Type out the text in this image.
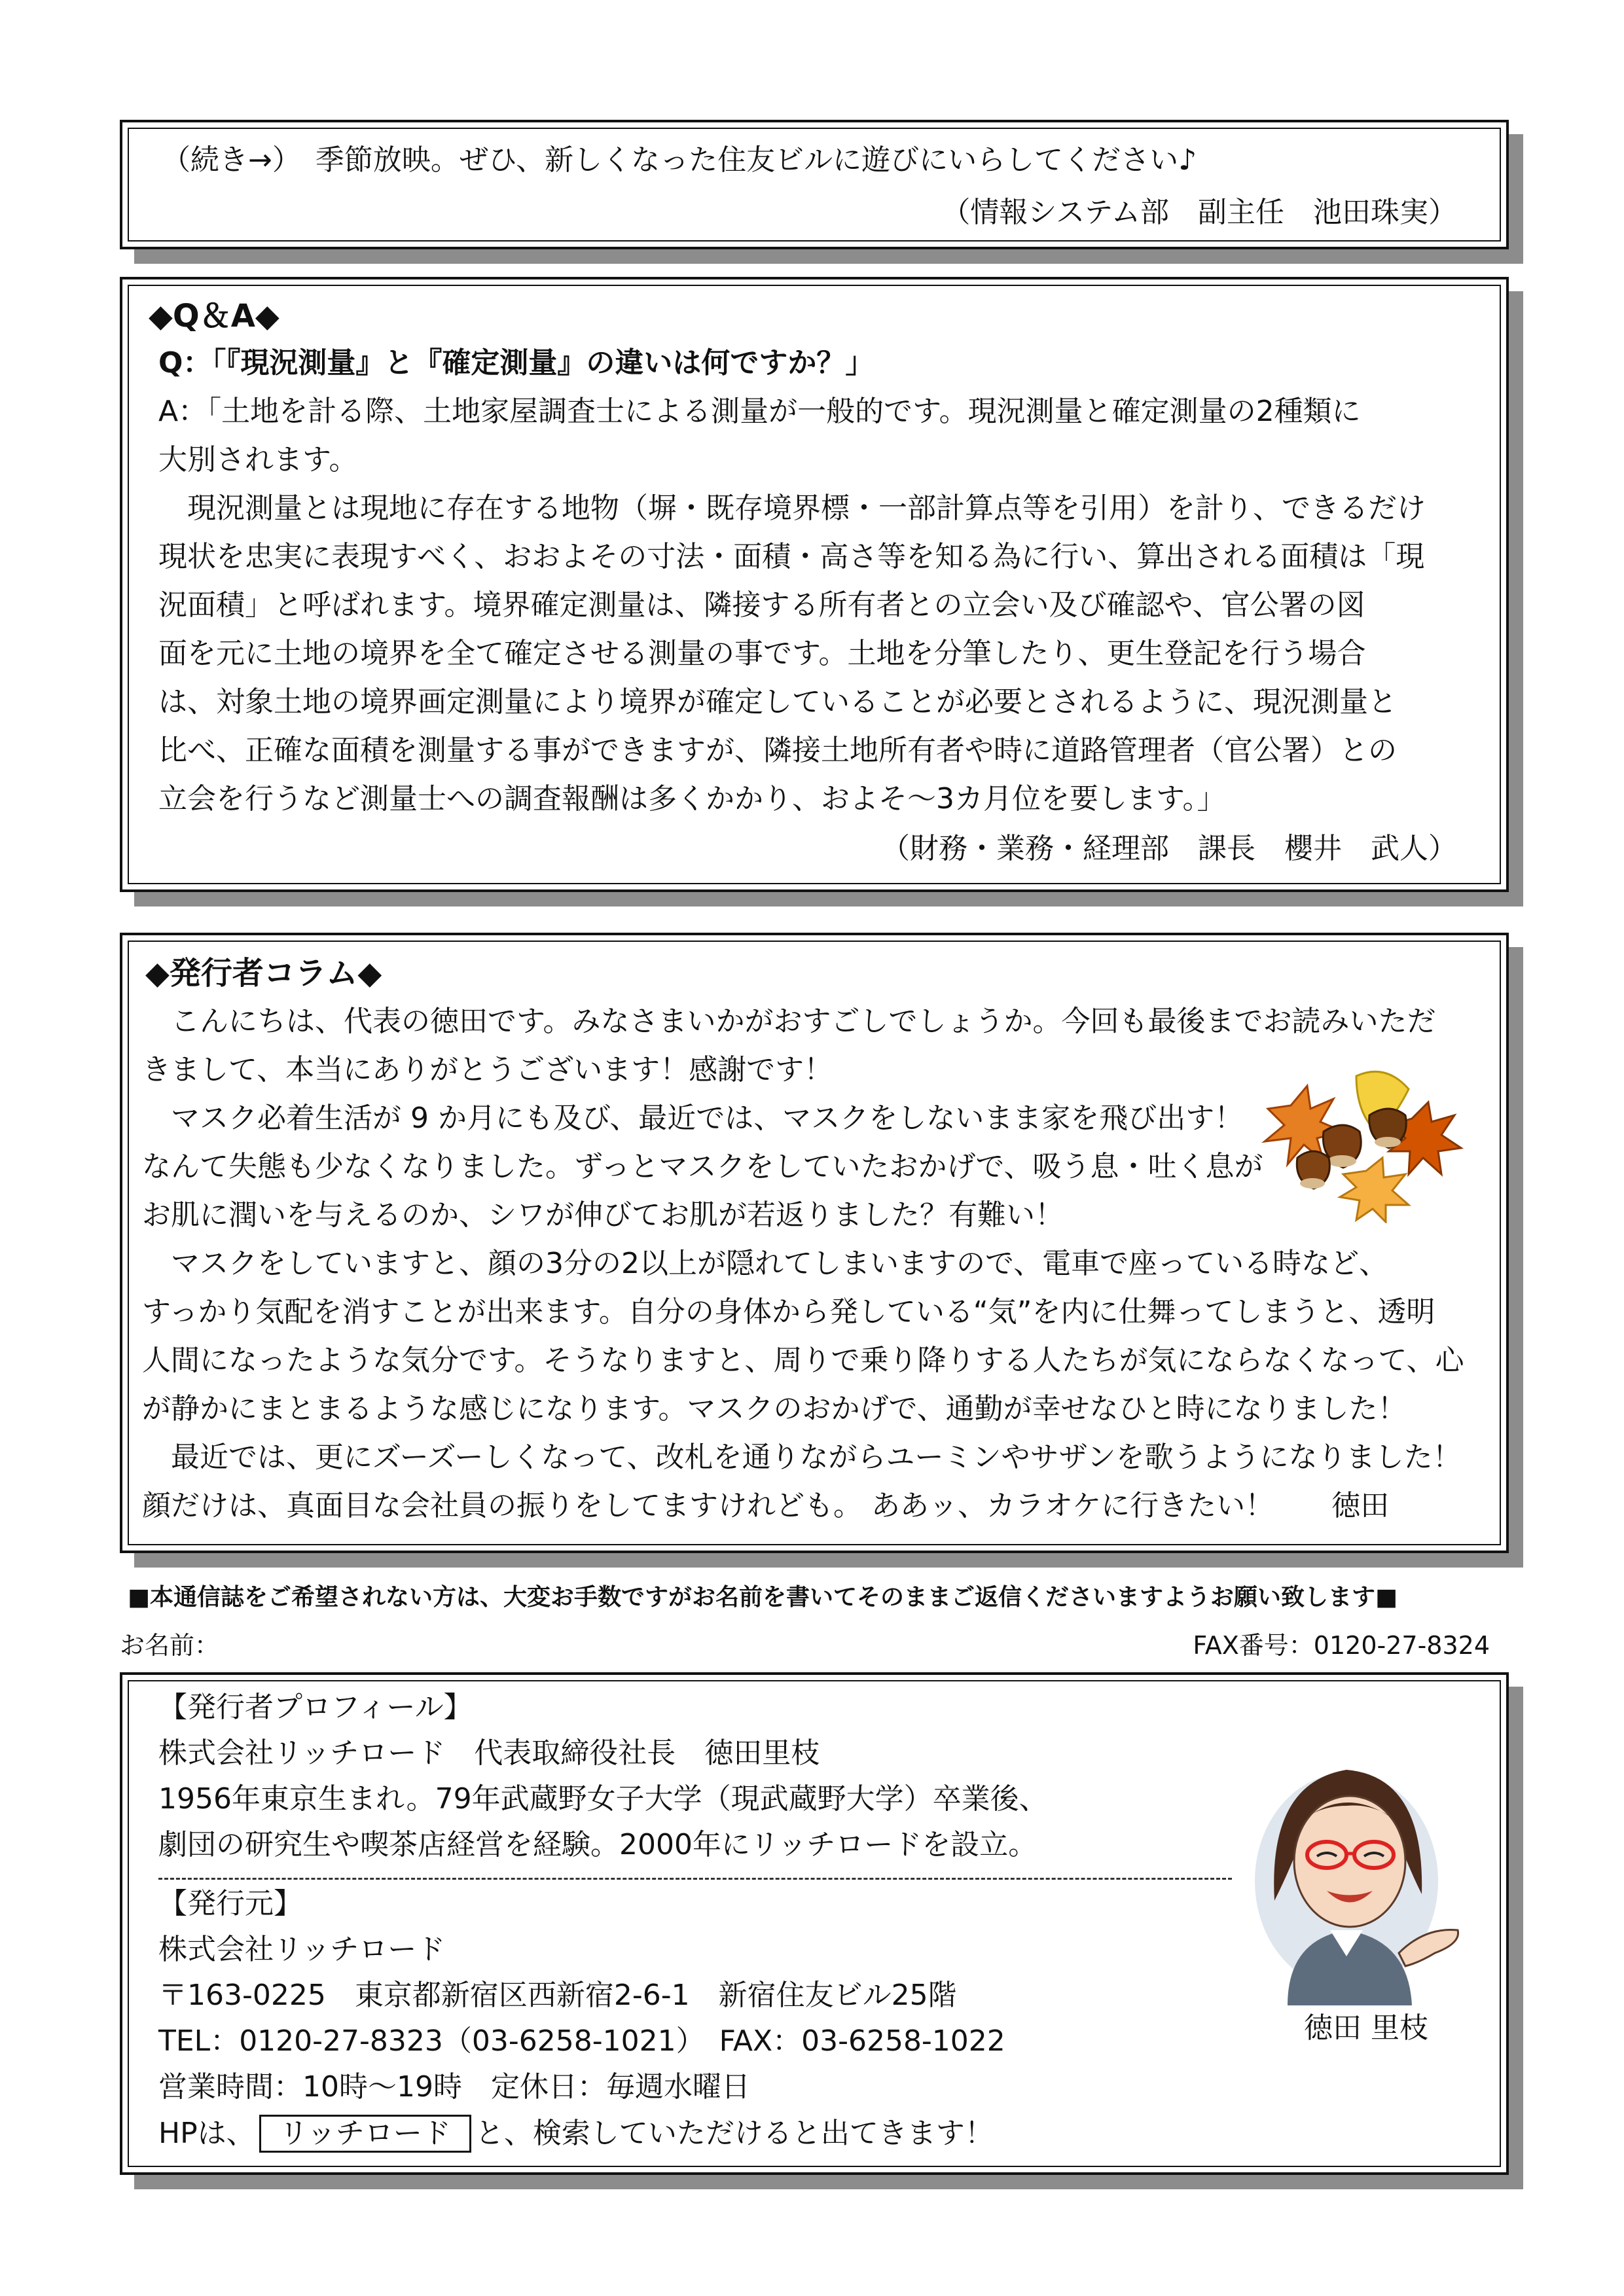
（続き→）　季節放映。ぜひ、新しくなった住友ビルに遊びにいらしてください♪
（情報システム部　副主任　池田珠実）
◆Q＆A◆
Q：「『現況測量』と『確定測量』の違いは何ですか？」
A：「土地を計る際、土地家屋調査士による測量が一般的です。現況測量と確定測量の2種類に
大別されます。
　現況測量とは現地に存在する地物（塀・既存境界標・一部計算点等を引用）を計り、できるだけ
現状を忠実に表現すべく、おおよその寸法・面積・高さ等を知る為に行い、算出される面積は「現
況面積」と呼ばれます。境界確定測量は、隣接する所有者との立会い及び確認や、官公署の図
面を元に土地の境界を全て確定させる測量の事です。土地を分筆したり、更生登記を行う場合
は、対象土地の境界画定測量により境界が確定していることが必要とされるように、現況測量と
比べ、正確な面積を測量する事ができますが、隣接土地所有者や時に道路管理者（官公署）との
立会を行うなど測量士への調査報酬は多くかかり、およそ～3カ月位を要します。」
（財務・業務・経理部　課長　櫻井　武人）
◆発行者コラム◆
　こんにちは、代表の徳田です。みなさまいかがおすごしでしょうか。今回も最後までお読みいただ
きまして、本当にありがとうございます！感謝です！
　マスク必着生活が 9 か月にも及び、最近では、マスクをしないまま家を飛び出す！
なんて失態も少なくなりました。ずっとマスクをしていたおかげで、吸う息・吐く息が
お肌に潤いを与えるのか、シワが伸びてお肌が若返りました？有難い！
　マスクをしていますと、顔の3分の2以上が隠れてしまいますので、電車で座っている時など、
すっかり気配を消すことが出来ます。自分の身体から発している“気”を内に仕舞ってしまうと、透明
人間になったような気分です。そうなりますと、周りで乗り降りする人たちが気にならなくなって、心
が静かにまとまるような感じになります。マスクのおかげで、通勤が幸せなひと時になりました！
　最近では、更にズーズーしくなって、改札を通りながらユーミンやサザンを歌うようになりました！
顔だけは、真面目な会社員の振りをしてますけれども。 ああッ、カラオケに行きたい！　　徳田
■本通信誌をご希望されない方は、大変お手数ですがお名前を書いてそのままご返信くださいますようお願い致します■
お名前：	FAX番号：0120-27-8324
【発行者プロフィール】
株式会社リッチロード　代表取締役社長　徳田里枝
1956年東京生まれ。79年武蔵野女子大学（現武蔵野大学）卒業後、
劇団の研究生や喫茶店経営を経験。2000年にリッチロードを設立。
【発行元】
株式会社リッチロード
〒163-0225　東京都新宿区西新宿2-6-1　新宿住友ビル25階
TEL：0120-27-8323（03-6258-1021）　FAX：03-6258-1022
営業時間：10時～19時　定休日：毎週水曜日
HPは、 リッチロード と、検索していただけると出てきます！
徳田 里枝
